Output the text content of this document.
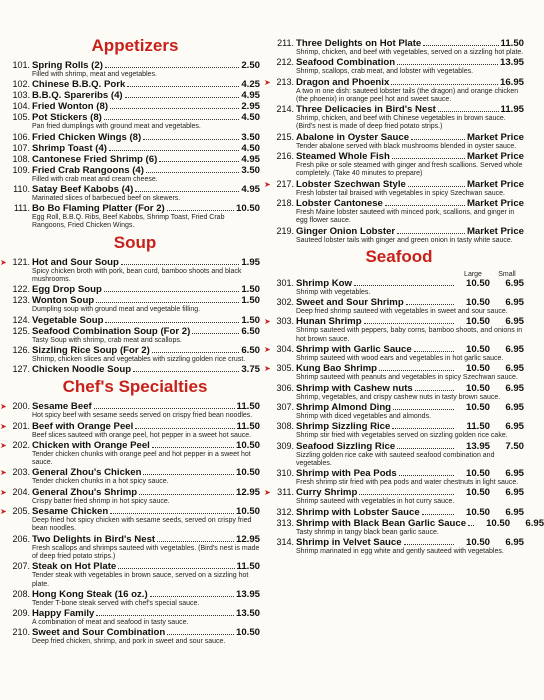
Appetizers
101. Spring Rolls (2)	2.50
Filled with shrimp, meat and vegetables.
102. Chinese B.B.Q. Pork	4.25
103. B.B.Q. Spareribs (4)	4.95
104. Fried Wonton (8)	2.95
105. Pot Stickers (8)	4.50
Pan fried dumplings with ground meat and vegetables.
106. Fried Chicken Wings (8)	3.50
107. Shrimp Toast (4)	4.50
108. Cantonese Fried Shrimp (6)	4.95
109. Fried Crab Rangoons (4)	3.50
Filled with crab meat and cream cheese.
110. Satay Beef Kabobs (4)	4.95
Marinated slices of barbecued beef on skewers.
111. Bo Bo Flaming Platter (For 2)	10.50
Egg Roll, B.B.Q. Ribs, Beef Kabobs, Shrimp Toast, Fried Crab Rangoons, Fried Chicken Wings.
Soup
➤ 121. Hot and Sour Soup	1.95
Spicy chicken broth with pork, bean curd, bamboo shoots and black mushrooms.
122. Egg Drop Soup	1.50
123. Wonton Soup	1.50
Dumpling soup with ground meat and vegetable filling.
124. Vegetable Soup	1.50
125. Seafood Combination Soup (For 2)	6.50
Tasty Soup with shrimp, crab meat and scallops.
126. Sizzling Rice Soup (For 2)	6.50
Shrimp, chicken slices and vegetables with sizzling golden rice crust.
127. Chicken Noodle Soup	3.75
Chef's Specialties
➤ 200. Sesame Beef	11.50
Hot spicy beef with sesame seeds served on crispy fried bean noodles.
➤ 201. Beef with Orange Peel	11.50
Beef slices sauteed with orange peel, hot pepper in a sweet hot sauce.
➤ 202. Chicken with Orange Peel	10.50
Tender chicken chunks with orange peel and hot pepper in a sweet hot sauce.
➤ 203. General Zhou's Chicken	10.50
Tender chicken chunks in a hot spicy sauce.
➤ 204. General Zhou's Shrimp	12.95
Crispy batter fried shrimp in hot spicy sauce.
➤ 205. Sesame Chicken	10.50
Deep fried hot spicy chicken with sesame seeds, served on crispy fried bean noodles.
206. Two Delights in Bird's Nest	12.95
Fresh scallops and shrimps sauteed with vegetables. (Bird's nest is made of deep fried potato strips.)
207. Steak on Hot Plate	11.50
Tender steak with vegetables in brown sauce, served on a sizzling hot plate.
208. Hong Kong Steak (16 oz.)	13.95
Tender T-bone steak served with chef's special sauce.
209. Happy Family	13.50
A combination of meat and seafood in tasty sauce.
210. Sweet and Sour Combination	10.50
Deep fried chicken, shrimp, and pork in sweet and sour sauce.
211. Three Delights on Hot Plate	11.50
Shrimp, chicken, and beef with vegetables, served on a sizzling hot plate.
212. Seafood Combination	13.95
Shrimp, scallops, crab meat, and lobster with vegetables.
➤ 213. Dragon and Phoenix	16.95
A two in one dish: sauteed lobster tails (the dragon) and orange chicken (the phoenix) in orange peel hot and sweet sauce.
214. Three Delicacies in Bird's Nest	11.95
Shrimp, chicken, and beef with Chinese vegetables in brown sauce. (Bird's nest is made of deep fried potato strips.)
215. Abalone in Oyster Sauce	Market Price
Tender abalone served with black mushrooms blended in oyster sauce.
216. Steamed Whole Fish	Market Price
Fresh pike or sole steamed with ginger and fresh scallions. Served whole completely. (Take 40 minutes to prepare)
➤ 217. Lobster Szechwan Style	Market Price
Fresh lobster tail braised with vegetables in spicy Szechwan sauce.
218. Lobster Cantonese	Market Price
Fresh Maine lobster sauteed with minced pork, scallions, and ginger in egg flower sauce.
219. Ginger Onion Lobster	Market Price
Sauteed lobster tails with ginger and green onion in tasty white sauce.
Seafood
Large	Small
301. Shrimp Kow	10.50	6.95
Shrimp with vegetables.
302. Sweet and Sour Shrimp	10.50	6.95
Deep fried shrimp sauteed with vegetables in sweet and sour sauce.
➤ 303. Hunan Shrimp	10.50	6.95
Shrimp sauteed with peppers, baby corns, bamboo shoots, and onions in hot brown sauce.
➤ 304. Shrimp with Garlic Sauce	10.50	6.95
Shrimp sauteed with wood ears and vegetables in hot garlic sauce.
➤ 305. Kung Bao Shrimp	10.50	6.95
Shrimp sauteed with peanuts and vegetables in spicy Szechwan sauce.
306. Shrimp with Cashew nuts	10.50	6.95
Shrimp, vegetables, and crispy cashew nuts in tasty brown sauce.
307. Shrimp Almond Ding	10.50	6.95
Shrimp with diced vegetables and almonds.
308. Shrimp Sizzling Rice	11.50	6.95
Shrimp stir fried with vegetables served on sizzling golden rice cake.
309. Seafood Sizzling Rice	13.95	7.50
Sizzling golden rice cake with sauteed seafood combination and vegetables.
310. Shrimp with Pea Pods	10.50	6.95
Fresh shrimp stir fried with pea pods and water chestnuts in light sauce.
➤ 311. Curry Shrimp	10.50	6.95
Shrimp sauteed with vegetables in hot curry sauce.
312. Shrimp with Lobster Sauce	10.50	6.95
313. Shrimp with Black Bean Garlic Sauce	10.50	6.95
Tasty shrimp in tangy black bean garlic sauce.
314. Shrimp in Velvet Sauce	10.50	6.95
Shrimp marinated in egg white and gently sauteed with vegetables.
